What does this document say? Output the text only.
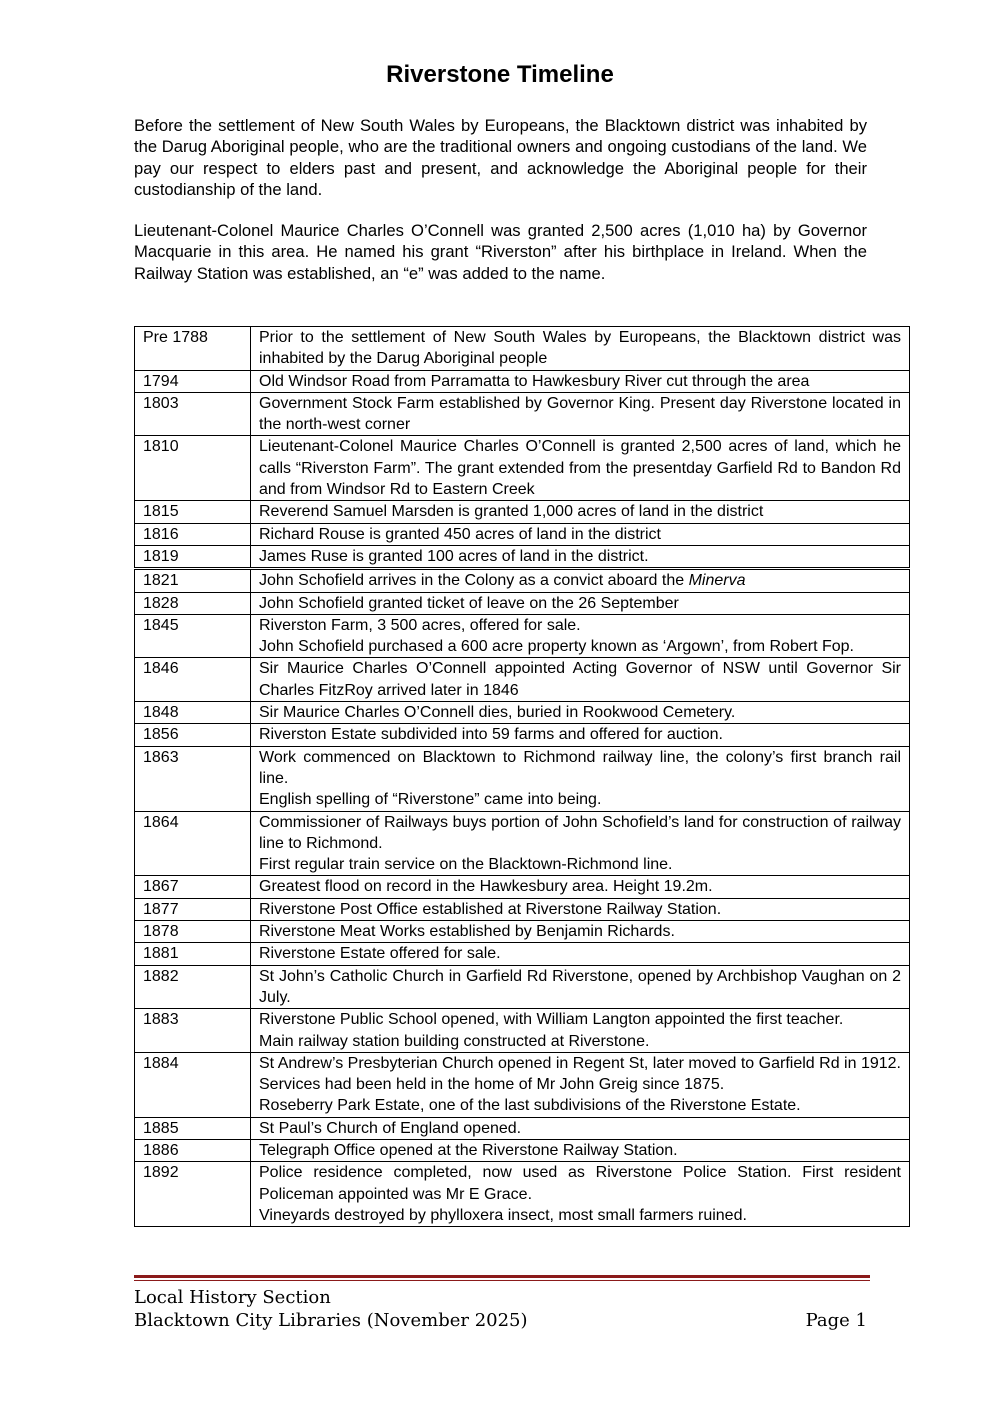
Riverstone Timeline

Before the settlement of New South Wales by Europeans, the Blacktown district was inhabited by the Darug Aboriginal people, who are the traditional owners and ongoing custodians of the land. We pay our respect to elders past and present, and acknowledge the Aboriginal people for their custodianship of the land.

Lieutenant-Colonel Maurice Charles O’Connell was granted 2,500 acres (1,010 ha) by Governor Macquarie in this area. He named his grant “Riverston” after his birthplace in Ireland. When the Railway Station was established, an “e” was added to the name.

Pre 1788	Prior to the settlement of New South Wales by Europeans, the Blacktown district was inhabited by the Darug Aboriginal people

1794	Old Windsor Road from Parramatta to Hawkesbury River cut through the area

1803	Government Stock Farm established by Governor King. Present day Riverstone located in the north-west corner

1810	Lieutenant-Colonel Maurice Charles O’Connell is granted 2,500 acres of land, which he calls “Riverston Farm”. The grant extended from the presentday Garfield Rd to Bandon Rd and from Windsor Rd to Eastern Creek

1815	Reverend Samuel Marsden is granted 1,000 acres of land in the district

1816	Richard Rouse is granted 450 acres of land in the district

1819	James Ruse is granted 100 acres of land in the district.

1821	John Schofield arrives in the Colony as a convict aboard the Minerva
1828	John Schofield granted ticket of leave on the 26 September

1845	Riverston Farm, 3 500 acres, offered for sale.
John Schofield purchased a 600 acre property known as ‘Argown’, from Robert Fop.

1846	Sir Maurice Charles O’Connell appointed Acting Governor of NSW until Governor Sir Charles FitzRoy arrived later in 1846

1848	Sir Maurice Charles O’Connell dies, buried in Rookwood Cemetery.

1856	Riverston Estate subdivided into 59 farms and offered for auction.

1863	Work commenced on Blacktown to Richmond railway line, the colony’s first branch rail line.
English spelling of “Riverstone” came into being.

1864	Commissioner of Railways buys portion of John Schofield’s land for construction of railway line to Richmond.
First regular train service on the Blacktown-Richmond line.

1867	Greatest flood on record in the Hawkesbury area. Height 19.2m.

1877	Riverstone Post Office established at Riverstone Railway Station.

1878	Riverstone Meat Works established by Benjamin Richards.

1881	Riverstone Estate offered for sale.

1882	St John’s Catholic Church in Garfield Rd Riverstone, opened by Archbishop Vaughan on 2 July.

1883	Riverstone Public School opened, with William Langton appointed the first teacher.
Main railway station building constructed at Riverstone.

1884	St Andrew’s Presbyterian Church opened in Regent St, later moved to Garfield Rd in 1912. Services had been held in the home of Mr John Greig since 1875.
Roseberry Park Estate, one of the last subdivisions of the Riverstone Estate.

1885	St Paul’s Church of England opened.

1886	Telegraph Office opened at the Riverstone Railway Station.

1892	Police residence completed, now used as Riverstone Police Station. First resident Policeman appointed was Mr E Grace.
Vineyards destroyed by phylloxera insect, most small farmers ruined.

Local History Section

Blacktown City Libraries (November 2025)	Page 1
